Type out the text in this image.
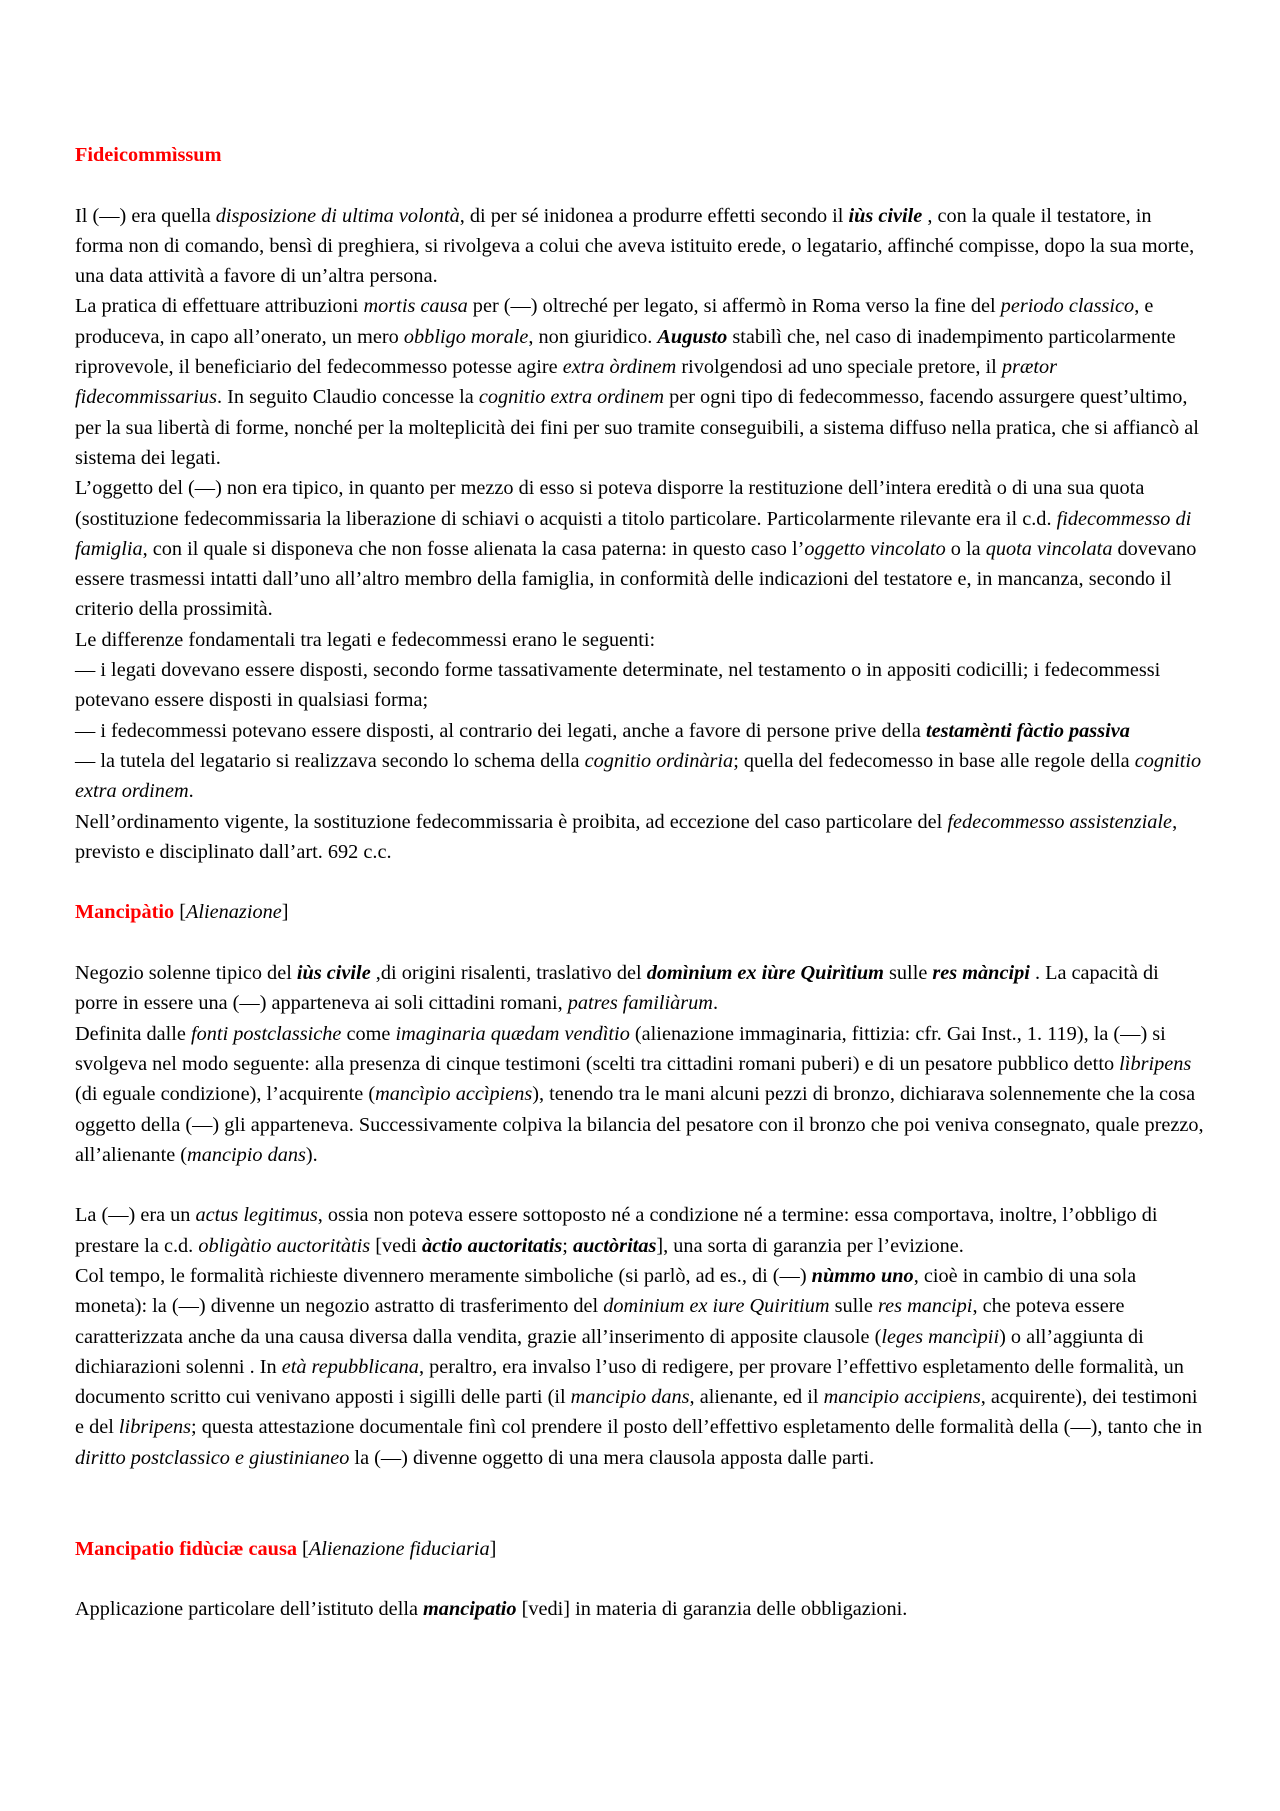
Fideicommìssum

Il (—) era quella disposizione di ultima volontà, di per sé inidonea a produrre effetti secondo il iùs civile , con la quale il testatore, in forma non di comando, bensì di preghiera, si rivolgeva a colui che aveva istituito erede, o legatario, affinché compisse, dopo la sua morte, una data attività a favore di un’altra persona.

La pratica di effettuare attribuzioni mortis causa per (—) oltreché per legato, si affermò in Roma verso la fine del periodo classico, e produceva, in capo all’onerato, un mero obbligo morale, non giuridico. Augusto stabilì che, nel caso di inadempimento particolarmente riprovevole, il beneficiario del fedecommesso potesse agire extra òrdinem rivolgendosi ad uno speciale pretore, il prætor fidecommissarius. In seguito Claudio concesse la cognitio extra ordinem per ogni tipo di fedecommesso, facendo assurgere quest’ultimo, per la sua libertà di forme, nonché per la molteplicità dei fini per suo tramite conseguibili, a sistema diffuso nella pratica, che si affiancò al sistema dei legati.

L’oggetto del (—) non era tipico, in quanto per mezzo di esso si poteva disporre la restituzione dell’intera eredità o di una sua quota (sostituzione fedecommissaria la liberazione di schiavi o acquisti a titolo particolare. Particolarmente rilevante era il c.d. fidecommesso di famiglia, con il quale si disponeva che non fosse alienata la casa paterna: in questo caso l’oggetto vincolato o la quota vincolata dovevano essere trasmessi intatti dall’uno all’altro membro della famiglia, in conformità delle indicazioni del testatore e, in mancanza, secondo il criterio della prossimità.

Le differenze fondamentali tra legati e fedecommessi erano le seguenti:

— i legati dovevano essere disposti, secondo forme tassativamente determinate, nel testamento o in appositi codicilli; i fedecommessi potevano essere disposti in qualsiasi forma;

— i fedecommessi potevano essere disposti, al contrario dei legati, anche a favore di persone prive della testamènti fàctio passiva

— la tutela del legatario si realizzava secondo lo schema della cognitio ordinària; quella del fedecomesso in base alle regole della cognitio extra ordinem.

Nell’ordinamento vigente, la sostituzione fedecommissaria è proibita, ad eccezione del caso particolare del fedecommesso assistenziale, previsto e disciplinato dall’art. 692 c.c.

Mancipàtio [Alienazione]

Negozio solenne tipico del iùs civile ,di origini risalenti, traslativo del domìnium ex iùre Quirìtium sulle res màncipi . La capacità di porre in essere una (—) apparteneva ai soli cittadini romani, patres familiàrum.

Definita dalle fonti postclassiche come imaginaria quædam vendìtio (alienazione immaginaria, fittizia: cfr. Gai Inst., 1. 119), la (—) si svolgeva nel modo seguente: alla presenza di cinque testimoni (scelti tra cittadini romani puberi) e di un pesatore pubblico detto lìbripens (di eguale condizione), l’acquirente (mancìpio accìpiens), tenendo tra le mani alcuni pezzi di bronzo, dichiarava solennemente che la cosa oggetto della (—) gli apparteneva. Successivamente colpiva la bilancia del pesatore con il bronzo che poi veniva consegnato, quale prezzo, all’alienante (mancipio dans).

La (—) era un actus legitimus, ossia non poteva essere sottoposto né a condizione né a termine: essa comportava, inoltre, l’obbligo di prestare la c.d. obligàtio auctoritàtis [vedi àctio auctoritatis; auctòritas], una sorta di garanzia per l’evizione.

Col tempo, le formalità richieste divennero meramente simboliche (si parlò, ad es., di (—) nùmmo uno, cioè in cambio di una sola moneta): la (—) divenne un negozio astratto di trasferimento del dominium ex iure Quiritium sulle res mancipi, che poteva essere caratterizzata anche da una causa diversa dalla vendita, grazie all’inserimento di apposite clausole (leges mancìpii) o all’aggiunta di dichiarazioni solenni . In età repubblicana, peraltro, era invalso l’uso di redigere, per provare l’effettivo espletamento delle formalità, un documento scritto cui venivano apposti i sigilli delle parti (il mancipio dans, alienante, ed il mancipio accipiens, acquirente), dei testimoni e del libripens; questa attestazione documentale finì col prendere il posto dell’effettivo espletamento delle formalità della (—), tanto che in diritto postclassico e giustinianeo la (—) divenne oggetto di una mera clausola apposta dalle parti.

Mancipatio fidùciæ causa [Alienazione fiduciaria]

Applicazione particolare dell’istituto della mancipatio [vedi] in materia di garanzia delle obbligazioni.
